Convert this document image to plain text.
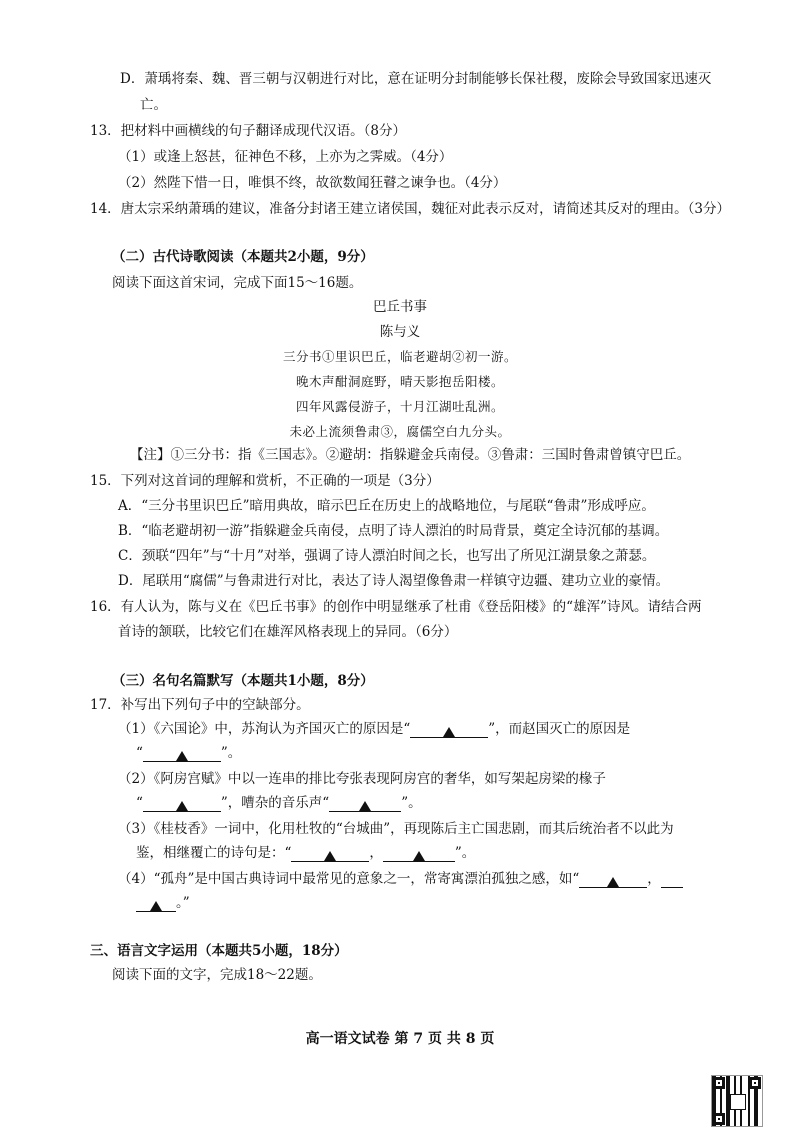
D．萧瑀将秦、魏、晋三朝与汉朝进行对比，意在证明分封制能够长保社稷，废除会导致国家迅速灭
亡。
13．把材料中画横线的句子翻译成现代汉语。（8分）
（1）或逢上怒甚，征神色不移，上亦为之霁威。（4分）
（2）然陛下惜一日，唯惧不终，故欲数闻狂瞽之谏争也。（4分）
14．唐太宗采纳萧瑀的建议，准备分封诸王建立诸侯国，魏征对此表示反对，请简述其反对的理由。（3分）
（二）古代诗歌阅读（本题共2小题，9分）
阅读下面这首宋词，完成下面15～16题。
巴丘书事
陈与义
三分书①里识巴丘，临老避胡②初一游。
晚木声酣洞庭野，晴天影抱岳阳楼。
四年风露侵游子，十月江湖吐乱洲。
未必上流须鲁肃③，腐儒空白九分头。
【注】①三分书：指《三国志》。②避胡：指躲避金兵南侵。③鲁肃：三国时鲁肃曾镇守巴丘。
15．下列对这首词的理解和赏析，不正确的一项是（3分）
A．“三分书里识巴丘”暗用典故，暗示巴丘在历史上的战略地位，与尾联“鲁肃”形成呼应。
B．“临老避胡初一游”指躲避金兵南侵，点明了诗人漂泊的时局背景，奠定全诗沉郁的基调。
C．颈联“四年”与“十月”对举，强调了诗人漂泊时间之长，也写出了所见江湖景象之萧瑟。
D．尾联用“腐儒”与鲁肃进行对比，表达了诗人渴望像鲁肃一样镇守边疆、建功立业的豪情。
16．有人认为，陈与义在《巴丘书事》的创作中明显继承了杜甫《登岳阳楼》的“雄浑”诗风。请结合两
首诗的颔联，比较它们在雄浑风格表现上的异同。（6分）
（三）名句名篇默写（本题共1小题，8分）
17．补写出下列句子中的空缺部分。
（1）《六国论》中，苏洵认为齐国灭亡的原因是“	”，而赵国灭亡的原因是
“	”。
（2）《阿房宫赋》中以一连串的排比夸张表现阿房宫的奢华，如写架起房梁的椽子
“	”，嘈杂的音乐声“	”。
（3）《桂枝香》一词中，化用杜牧的“台城曲”，再现陈后主亡国悲剧，而其后统治者不以此为
鉴，相继覆亡的诗句是：“	，	”。
（4）“孤舟”是中国古典诗词中最常见的意象之一，常寄寓漂泊孤独之感，如“	，
。”
三、语言文字运用（本题共5小题，18分）
阅读下面的文字，完成18～22题。
高一语文试卷 第 7 页 共 8 页
